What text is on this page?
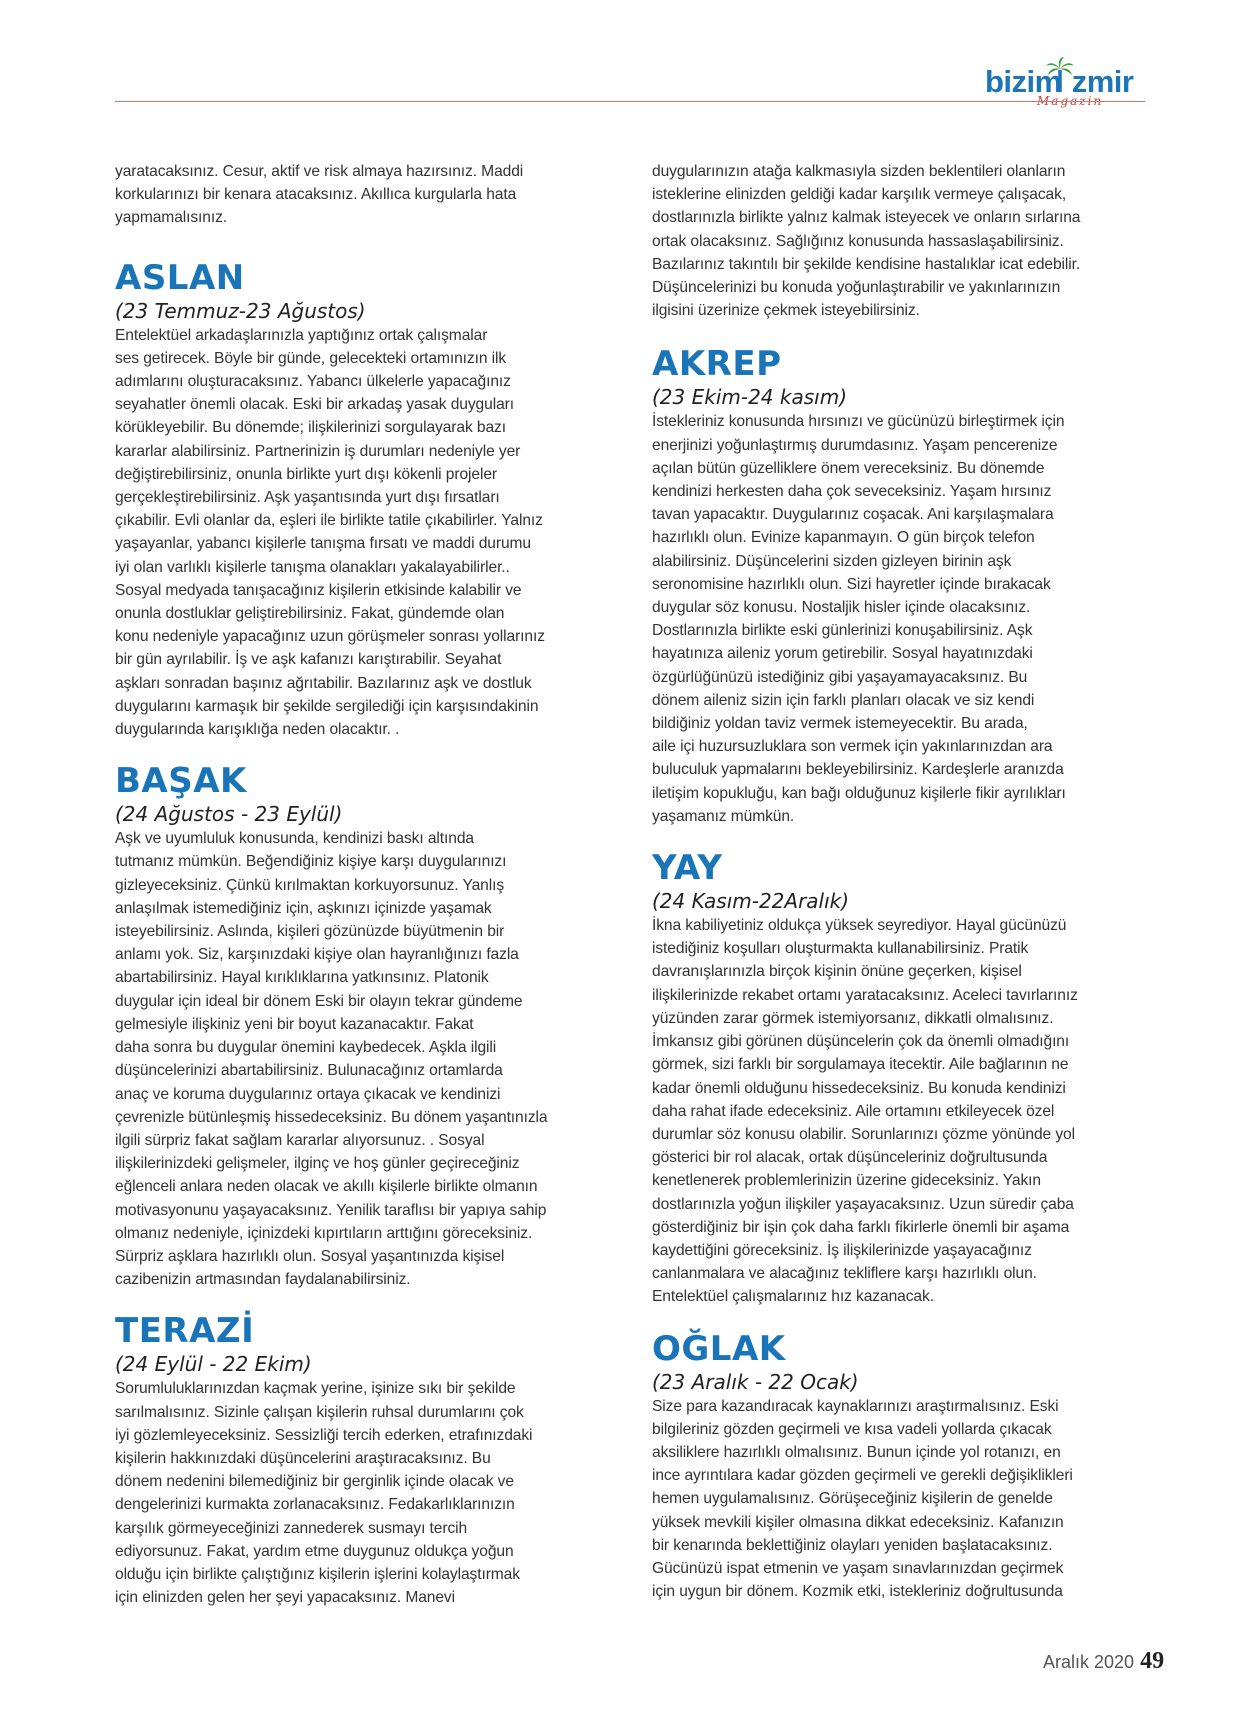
bizim zmir
Magazin

yaratacaksınız. Cesur, aktif ve risk almaya hazırsınız. Maddi
korkularınızı bir kenara atacaksınız. Akıllıca kurgularla hata
yapmamalısınız.

ASLAN
(23 Temmuz-23 Ağustos)

Entelektüel arkadaşlarınızla yaptığınız ortak çalışmalar
ses getirecek. Böyle bir günde, gelecekteki ortamınızın ilk
adımlarını oluşturacaksınız. Yabancı ülkelerle yapacağınız
seyahatler önemli olacak. Eski bir arkadaş yasak duyguları
körükleyebilir. Bu dönemde; ilişkilerinizi sorgulayarak bazı
kararlar alabilirsiniz. Partnerinizin iş durumları nedeniyle yer
değiştirebilirsiniz, onunla birlikte yurt dışı kökenli projeler
gerçekleştirebilirsiniz. Aşk yaşantısında yurt dışı fırsatları
çıkabilir. Evli olanlar da, eşleri ile birlikte tatile çıkabilirler. Yalnız
yaşayanlar, yabancı kişilerle tanışma fırsatı ve maddi durumu
iyi olan varlıklı kişilerle tanışma olanakları yakalayabilirler..
Sosyal medyada tanışacağınız kişilerin etkisinde kalabilir ve
onunla dostluklar geliştirebilirsiniz. Fakat, gündemde olan
konu nedeniyle yapacağınız uzun görüşmeler sonrası yollarınız
bir gün ayrılabilir. İş ve aşk kafanızı karıştırabilir. Seyahat
aşkları sonradan başınız ağrıtabilir. Bazılarınız aşk ve dostluk
duygularını karmaşık bir şekilde sergilediği için karşısındakinin
duygularında karışıklığa neden olacaktır. .

BAŞAK
(24 Ağustos - 23 Eylül)

Aşk ve uyumluluk konusunda, kendinizi baskı altında
tutmanız mümkün. Beğendiğiniz kişiye karşı duygularınızı
gizleyeceksiniz. Çünkü kırılmaktan korkuyorsunuz. Yanlış
anlaşılmak istemediğiniz için, aşkınızı içinizde yaşamak
isteyebilirsiniz. Aslında, kişileri gözünüzde büyütmenin bir
anlamı yok. Siz, karşınızdaki kişiye olan hayranlığınızı fazla
abartabilirsiniz. Hayal kırıklıklarına yatkınsınız. Platonik
duygular için ideal bir dönem Eski bir olayın tekrar gündeme
gelmesiyle ilişkiniz yeni bir boyut kazanacaktır. Fakat
daha sonra bu duygular önemini kaybedecek. Aşkla ilgili
düşüncelerinizi abartabilirsiniz. Bulunacağınız ortamlarda
anaç ve koruma duygularınız ortaya çıkacak ve kendinizi
çevrenizle bütünleşmiş hissedeceksiniz. Bu dönem yaşantınızla
ilgili sürpriz fakat sağlam kararlar alıyorsunuz. . Sosyal
ilişkilerinizdeki gelişmeler, ilginç ve hoş günler geçireceğiniz
eğlenceli anlara neden olacak ve akıllı kişilerle birlikte olmanın
motivasyonunu yaşayacaksınız. Yenilik taraflısı bir yapıya sahip
olmanız nedeniyle, içinizdeki kıpırtıların arttığını göreceksiniz.
Sürpriz aşklara hazırlıklı olun. Sosyal yaşantınızda kişisel
cazibenizin artmasından faydalanabilirsiniz.

TERAZİ
(24 Eylül - 22 Ekim)

Sorumluluklarınızdan kaçmak yerine, işinize sıkı bir şekilde
sarılmalısınız. Sizinle çalışan kişilerin ruhsal durumlarını çok
iyi gözlemleyeceksiniz. Sessizliği tercih ederken, etrafınızdaki
kişilerin hakkınızdaki düşüncelerini araştıracaksınız. Bu
dönem nedenini bilemediğiniz bir gerginlik içinde olacak ve
dengelerinizi kurmakta zorlanacaksınız. Fedakarlıklarınızın
karşılık görmeyeceğinizi zannederek susmayı tercih
ediyorsunuz. Fakat, yardım etme duygunuz oldukça yoğun
olduğu için birlikte çalıştığınız kişilerin işlerini kolaylaştırmak
için elinizden gelen her şeyi yapacaksınız. Manevi

duygularınızın atağa kalkmasıyla sizden beklentileri olanların
isteklerine elinizden geldiği kadar karşılık vermeye çalışacak,
dostlarınızla birlikte yalnız kalmak isteyecek ve onların sırlarına
ortak olacaksınız. Sağlığınız konusunda hassaslaşabilirsiniz.
Bazılarınız takıntılı bir şekilde kendisine hastalıklar icat edebilir.
Düşüncelerinizi bu konuda yoğunlaştırabilir ve yakınlarınızın
ilgisini üzerinize çekmek isteyebilirsiniz.

AKREP
(23 Ekim-24 kasım)

İstekleriniz konusunda hırsınızı ve gücünüzü birleştirmek için
enerjinizi yoğunlaştırmış durumdasınız. Yaşam pencerenize
açılan bütün güzelliklere önem vereceksiniz. Bu dönemde
kendinizi herkesten daha çok seveceksiniz. Yaşam hırsınız
tavan yapacaktır. Duygularınız coşacak. Ani karşılaşmalara
hazırlıklı olun. Evinize kapanmayın. O gün birçok telefon
alabilirsiniz. Düşüncelerini sizden gizleyen birinin aşk
seronomisine hazırlıklı olun. Sizi hayretler içinde bırakacak
duygular söz konusu. Nostaljik hisler içinde olacaksınız.
Dostlarınızla birlikte eski günlerinizi konuşabilirsiniz. Aşk
hayatınıza aileniz yorum getirebilir. Sosyal hayatınızdaki
özgürlüğünüzü istediğiniz gibi yaşayamayacaksınız. Bu
dönem aileniz sizin için farklı planları olacak ve siz kendi
bildiğiniz yoldan taviz vermek istemeyecektir. Bu arada,
aile içi huzursuzluklara son vermek için yakınlarınızdan ara
buluculuk yapmalarını bekleyebilirsiniz. Kardeşlerle aranızda
iletişim kopukluğu, kan bağı olduğunuz kişilerle fikir ayrılıkları
yaşamanız mümkün.

YAY
(24 Kasım-22Aralık)

İkna kabiliyetiniz oldukça yüksek seyrediyor. Hayal gücünüzü
istediğiniz koşulları oluşturmakta kullanabilirsiniz. Pratik
davranışlarınızla birçok kişinin önüne geçerken, kişisel
ilişkilerinizde rekabet ortamı yaratacaksınız. Aceleci tavırlarınız
yüzünden zarar görmek istemiyorsanız, dikkatli olmalısınız.
İmkansız gibi görünen düşüncelerin çok da önemli olmadığını
görmek, sizi farklı bir sorgulamaya itecektir. Aile bağlarının ne
kadar önemli olduğunu hissedeceksiniz. Bu konuda kendinizi
daha rahat ifade edeceksiniz. Aile ortamını etkileyecek özel
durumlar söz konusu olabilir. Sorunlarınızı çözme yönünde yol
gösterici bir rol alacak, ortak düşünceleriniz doğrultusunda
kenetlenerek problemlerinizin üzerine gideceksiniz. Yakın
dostlarınızla yoğun ilişkiler yaşayacaksınız. Uzun süredir çaba
gösterdiğiniz bir işin çok daha farklı fikirlerle önemli bir aşama
kaydettiğini göreceksiniz. İş ilişkilerinizde yaşayacağınız
canlanmalara ve alacağınız tekliflere karşı hazırlıklı olun.
Entelektüel çalışmalarınız hız kazanacak.

OĞLAK
(23 Aralık - 22 Ocak)

Size para kazandıracak kaynaklarınızı araştırmalısınız. Eski
bilgileriniz gözden geçirmeli ve kısa vadeli yollarda çıkacak
aksiliklere hazırlıklı olmalısınız. Bunun içinde yol rotanızı, en
ince ayrıntılara kadar gözden geçirmeli ve gerekli değişiklikleri
hemen uygulamalısınız. Görüşeceğiniz kişilerin de genelde
yüksek mevkili kişiler olmasına dikkat edeceksiniz. Kafanızın
bir kenarında beklettiğiniz olayları yeniden başlatacaksınız.
Gücünüzü ispat etmenin ve yaşam sınavlarınızdan geçirmek
için uygun bir dönem. Kozmik etki, istekleriniz doğrultusunda

Aralık 2020 49
